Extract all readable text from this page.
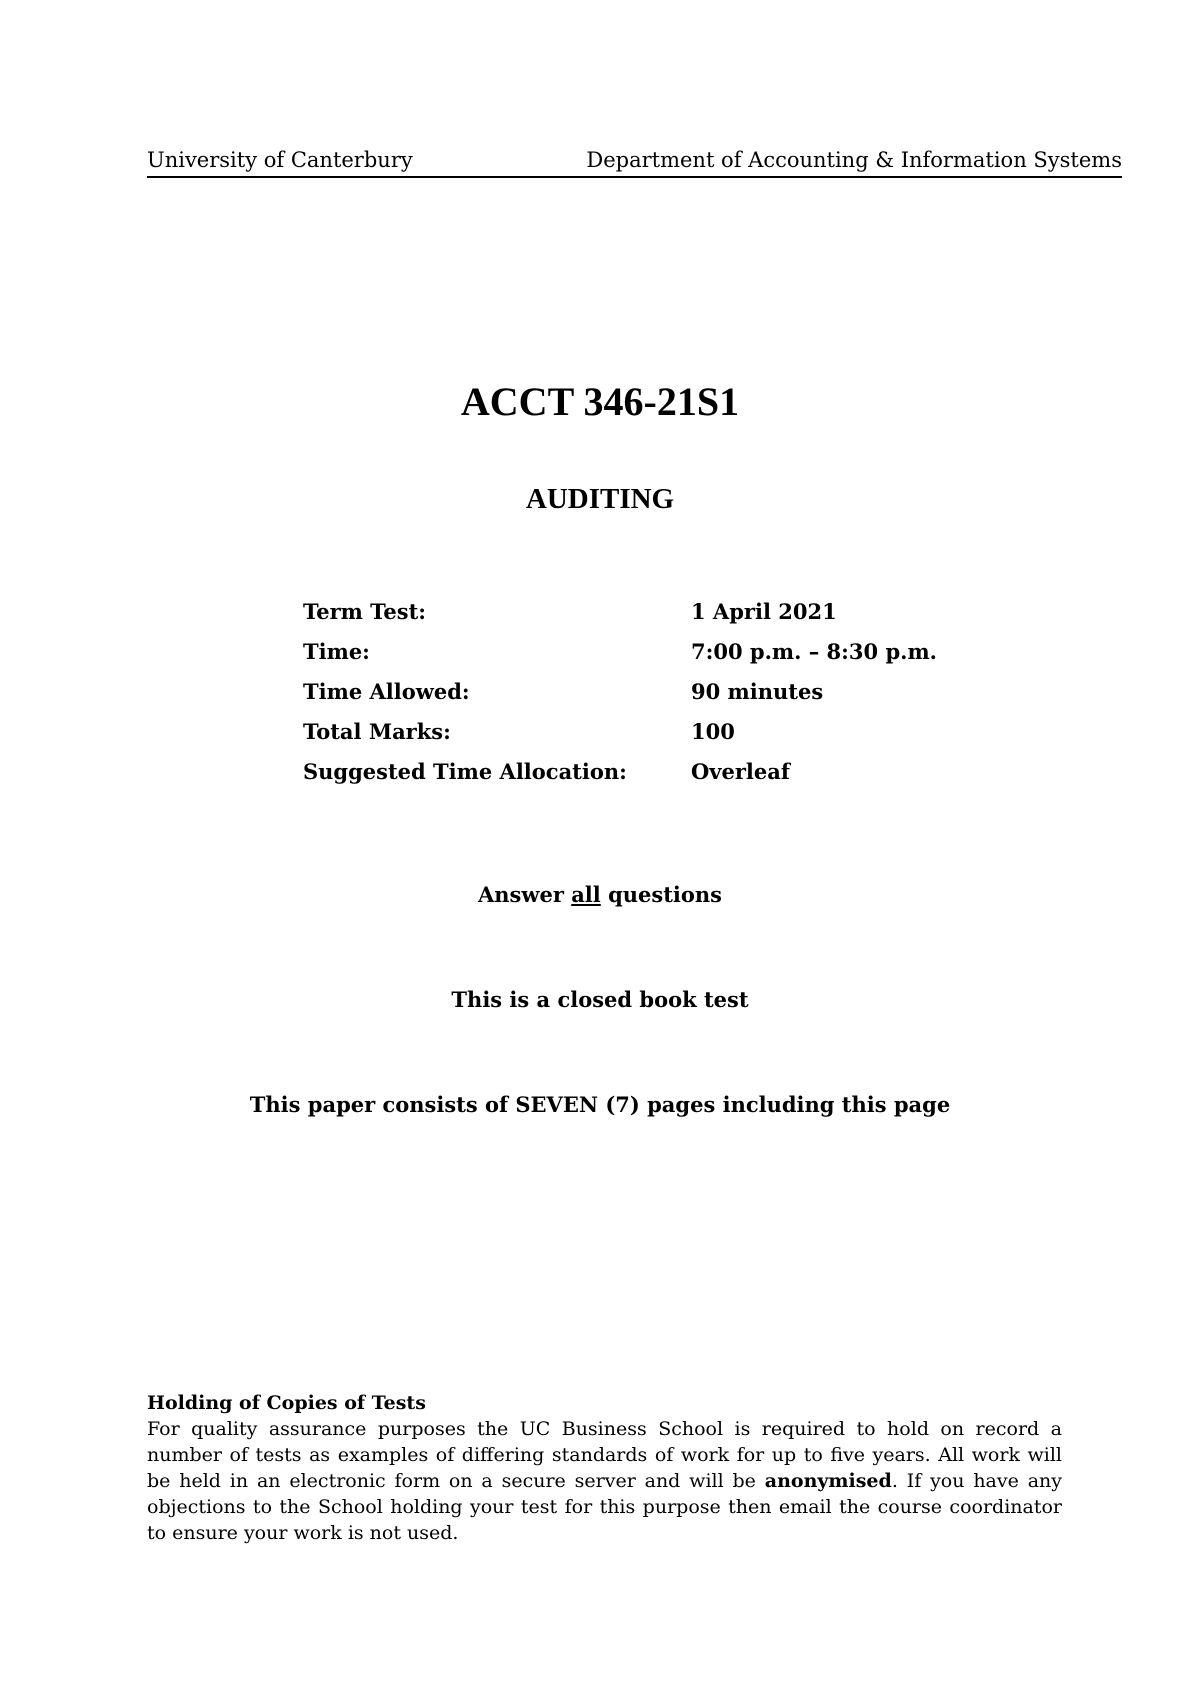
University of Canterbury	Department of Accounting & Information Systems
ACCT 346-21S1
AUDITING
Term Test:	1 April 2021
Time:	7:00 p.m. – 8:30 p.m.
Time Allowed:	90 minutes
Total Marks:	100
Suggested Time Allocation:	Overleaf
Answer all questions
This is a closed book test
This paper consists of SEVEN (7) pages including this page
Holding of Copies of Tests
For quality assurance purposes the UC Business School is required to hold on record a number of tests as examples of differing standards of work for up to five years. All work will be held in an electronic form on a secure server and will be anonymised. If you have any objections to the School holding your test for this purpose then email the course coordinator to ensure your work is not used.
